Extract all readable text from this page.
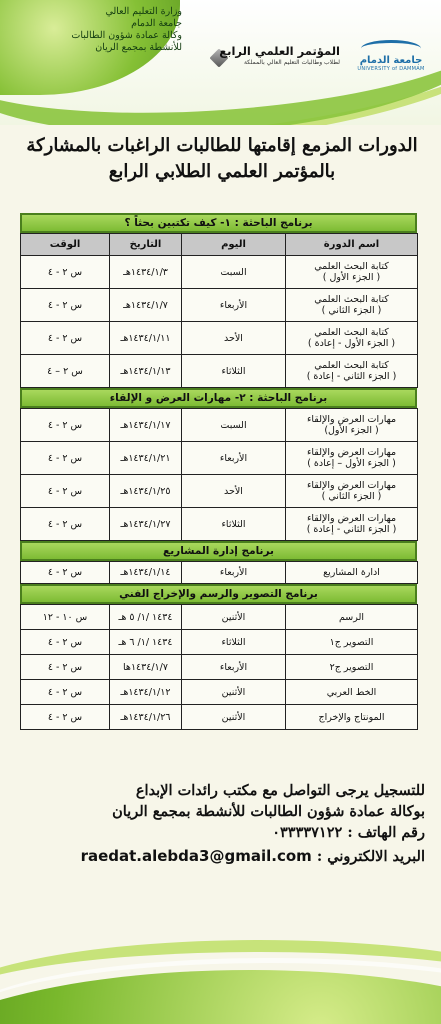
وزارة التعليم العالي
جامعة الدمام
وكالة عمادة شؤون الطالبات
للأنشطة بمجمع الريان	المؤتمر العلمي الرابع
لطلاب وطالبات التعليم العالي بالمملكة	جامعة الدمام
UNIVERSITY of DAMMAM
الدورات المزمع إقامتها للطالبات الراغبات بالمشاركة
بالمؤتمر العلمي الطلابي الرابع
برنامج الباحثة : ١- كيف تكتبين بحثاً ؟
اسم الدورة	اليوم	التاريخ	الوقت
كتابة البحث العلمي
( الجزء الأول )	السبت	١٤٣٤/١/٣هـ	س ٢ - ٤
كتابة البحث العلمي
( الجزء الثاني )	الأربعاء	١٤٣٤/١/٧هـ	س ٢ - ٤
كتابة البحث العلمي
( الجزء الأول - إعادة )	الأحد	١٤٣٤/١/١١هـ	س ٢ - ٤
كتابة البحث العلمي
( الجزء الثاني - إعادة )	الثلاثاء	١٤٣٤/١/١٣هـ	س ٢ – ٤
برنامج الباحثة : ٢- مهارات العرض و الإلقاء
مهارات العرض والإلقاء
( الجزء الأول)	السبت	١٤٣٤/١/١٧هـ	س ٢ - ٤
مهارات العرض والإلقاء
( الجزء الأول – إعادة )	الأربعاء	١٤٣٤/١/٢١هـ	س ٢ - ٤
مهارات العرض والإلقاء
( الجزء الثاني )	الأحد	١٤٣٤/١/٢٥هـ	س ٢ - ٤
مهارات العرض والإلقاء
( الجزء الثاني - إعادة )	الثلاثاء	١٤٣٤/١/٢٧هـ	س ٢ - ٤
برنامج إدارة المشاريع
ادارة المشاريع	الأربعاء	١٤٣٤/١/١٤هـ	س ٢ - ٤
برنامج التصوير والرسم والإخراج الفني
الرسم	الأثنين	١٤٣٤ /١/ ٥ هـ	س ١٠ - ١٢
التصوير ج١	الثلاثاء	١٤٣٤ /١/ ٦ هـ	س ٢ - ٤
التصوير ج٢	الأربعاء	١٤٣٤/١/٧ها	س ٢ - ٤
الخط العربي	الأثنين	١٤٣٤/١/١٢هـ	س ٢ - ٤
المونتاج والإخراج	الأثنين	١٤٣٤/١/٢٦هـ	س ٢ - ٤
للتسجيل يرجى التواصل مع مكتب رائدات الإبداع
بوكالة عمادة شؤون الطالبات للأنشطة بمجمع الريان
رقم الهاتف : ٠٣٣٣٣٧١٢٢
البريد الالكتروني : raedat.alebda3@gmail.com
